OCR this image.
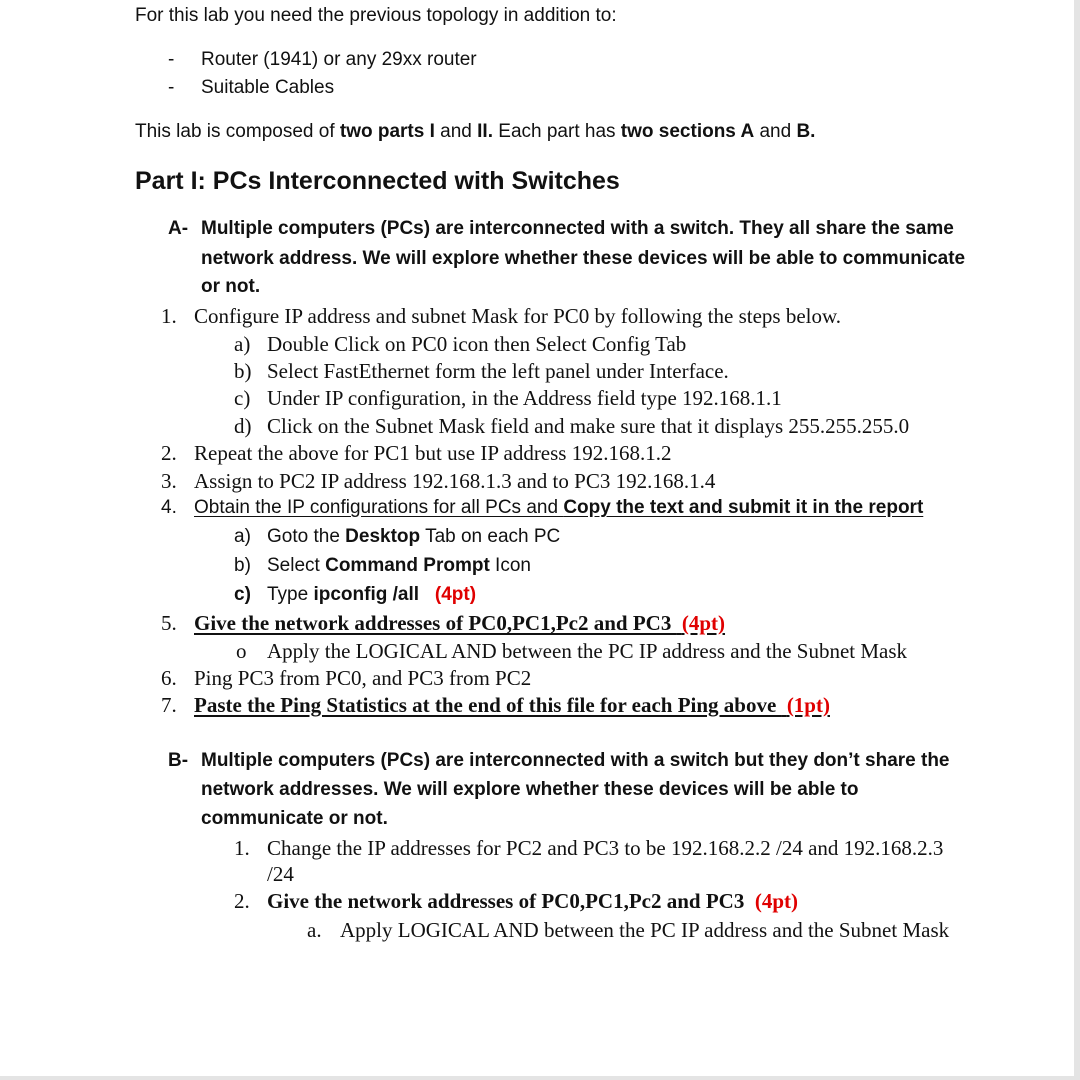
For this lab you need the previous topology in addition to:
- Router (1941) or any 29xx router
- Suitable Cables
This lab is composed of two parts I and II. Each part has two sections A and B.
Part I: PCs Interconnected with Switches
A- Multiple computers (PCs) are interconnected with a switch. They all share the same
network address. We will explore whether these devices will be able to communicate
or not.
1. Configure IP address and subnet Mask for PC0 by following the steps below.
a) Double Click on PC0 icon then Select Config Tab
b) Select FastEthernet form the left panel under Interface.
c) Under IP configuration, in the Address field type 192.168.1.1
d) Click on the Subnet Mask field and make sure that it displays 255.255.255.0
2. Repeat the above for PC1 but use IP address 192.168.1.2
3. Assign to PC2 IP address 192.168.1.3 and to PC3 192.168.1.4
4. Obtain the IP configurations for all PCs and Copy the text and submit it in the report
a) Goto the Desktop Tab on each PC
b) Select Command Prompt Icon
c) Type ipconfig /all (4pt)
5. Give the network addresses of PC0,PC1,Pc2 and PC3  (4pt)
o Apply the LOGICAL AND between the PC IP address and the Subnet Mask
6. Ping PC3 from PC0, and PC3 from PC2
7. Paste the Ping Statistics at the end of this file for each Ping above  (1pt)
B- Multiple computers (PCs) are interconnected with a switch but they don’t share the
network addresses. We will explore whether these devices will be able to
communicate or not.
1. Change the IP addresses for PC2 and PC3 to be 192.168.2.2 /24 and 192.168.2.3
/24
2. Give the network addresses of PC0,PC1,Pc2 and PC3  (4pt)
a. Apply LOGICAL AND between the PC IP address and the Subnet Mask
